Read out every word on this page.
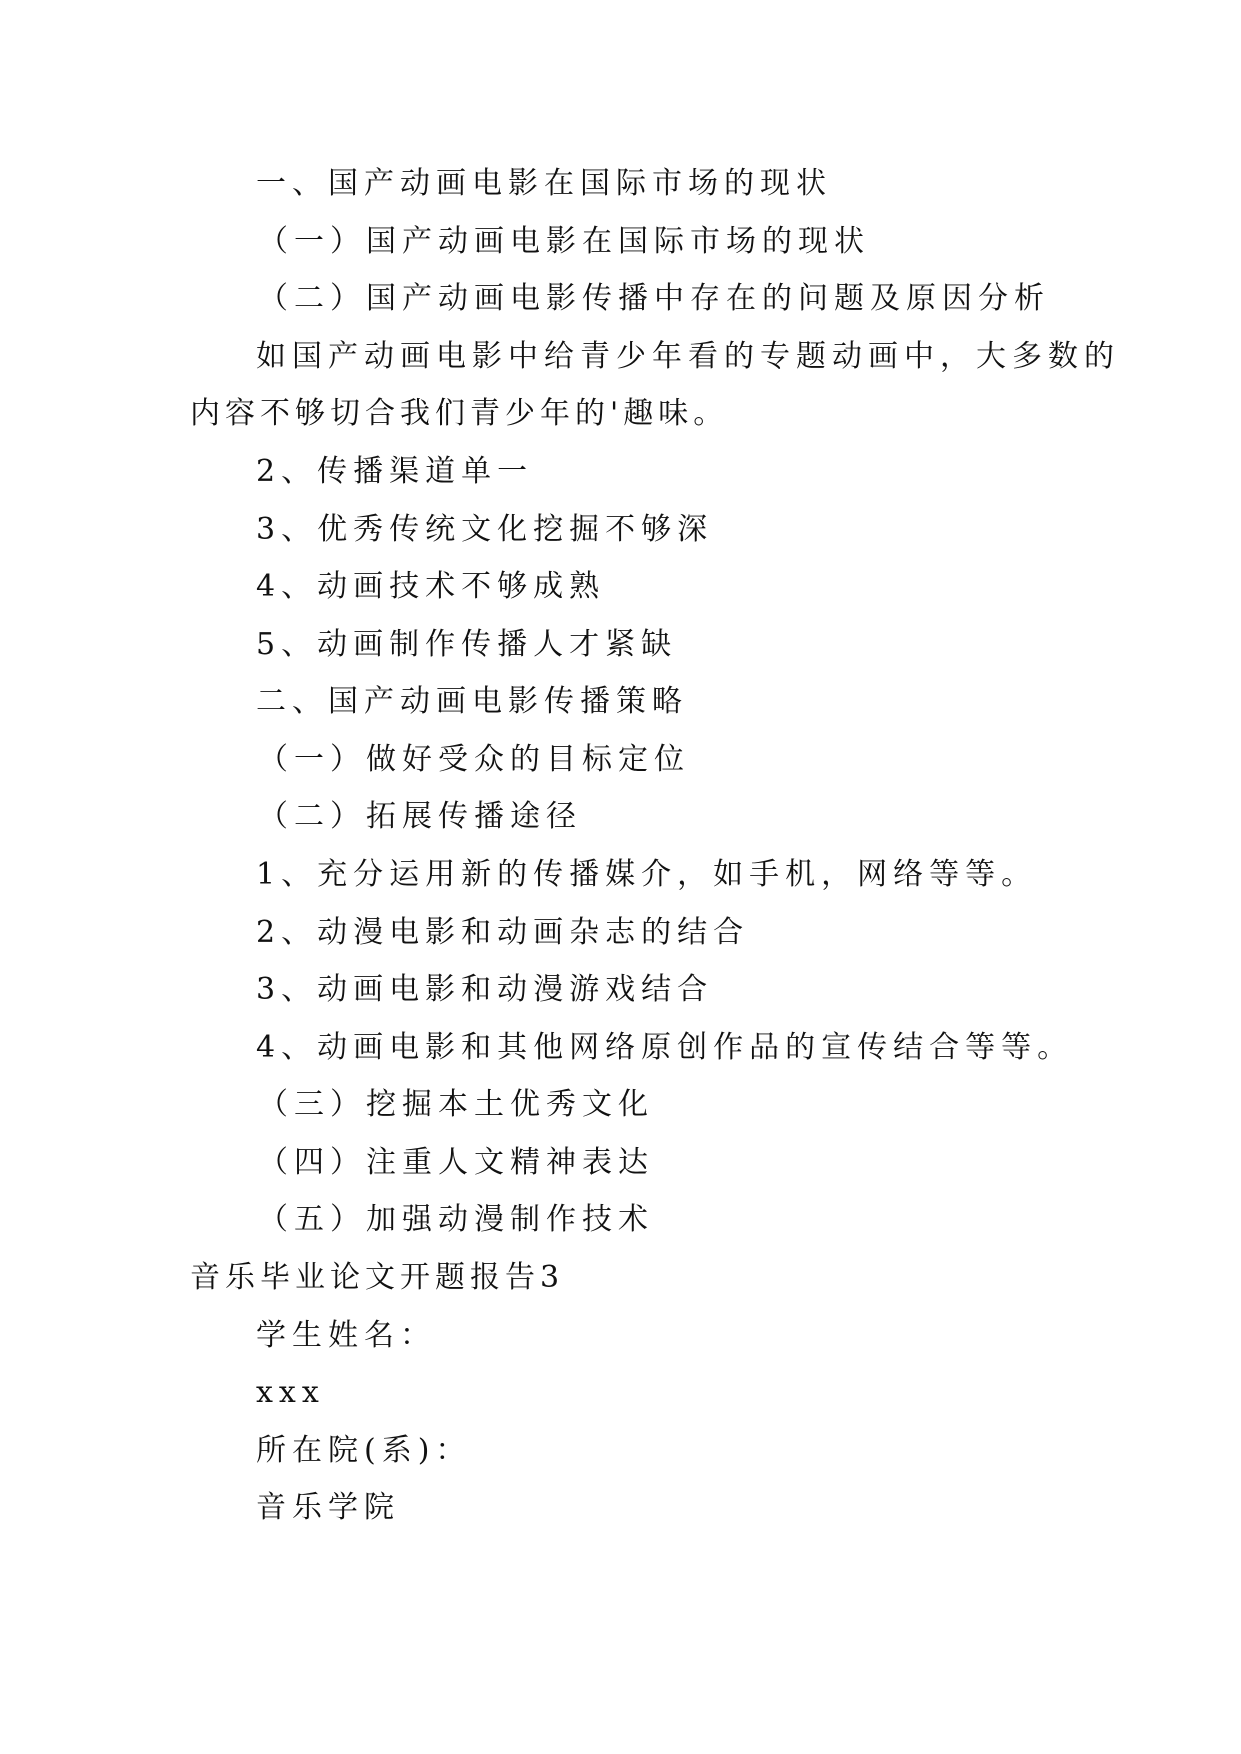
一、国产动画电影在国际市场的现状
（一）国产动画电影在国际市场的现状
（二）国产动画电影传播中存在的问题及原因分析
如国产动画电影中给青少年看的专题动画中，大多数的
内容不够切合我们青少年的'趣味。
2、传播渠道单一
3、优秀传统文化挖掘不够深
4、动画技术不够成熟
5、动画制作传播人才紧缺
二、国产动画电影传播策略
（一）做好受众的目标定位
（二）拓展传播途径
1、充分运用新的传播媒介，如手机，网络等等。
2、动漫电影和动画杂志的结合
3、动画电影和动漫游戏结合
4、动画电影和其他网络原创作品的宣传结合等等。
（三）挖掘本土优秀文化
（四）注重人文精神表达
（五）加强动漫制作技术
音乐毕业论文开题报告3
学生姓名：
xxx
所在院(系)：
音乐学院
